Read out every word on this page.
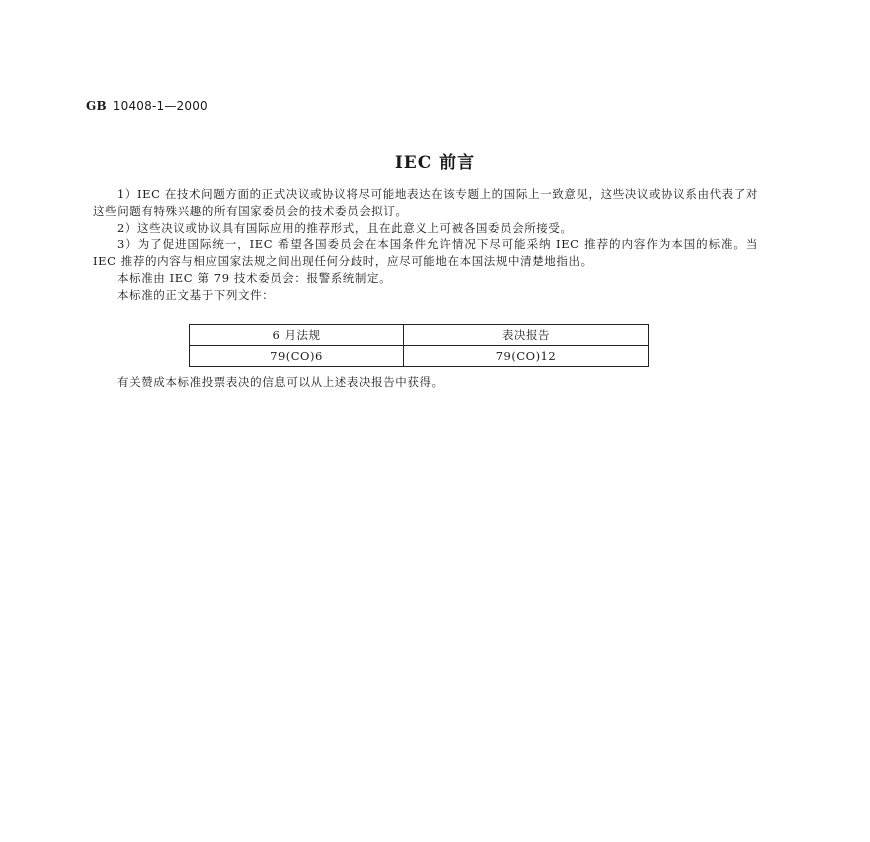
GB 10408-1—2000
IEC 前言

1）IEC 在技术问题方面的正式决议或协议将尽可能地表达在该专题上的国际上一致意见，这些决议或协议系由代表了对这些问题有特殊兴趣的所有国家委员会的技术委员会拟订。

2）这些决议或协议具有国际应用的推荐形式，且在此意义上可被各国委员会所接受。

3）为了促进国际统一，IEC 希望各国委员会在本国条件允许情况下尽可能采纳 IEC 推荐的内容作为本国的标准。当 IEC 推荐的内容与相应国家法规之间出现任何分歧时，应尽可能地在本国法规中清楚地指出。

本标准由 IEC 第 79 技术委员会：报警系统制定。

本标准的正文基于下列文件：

6 月法规	表决报告
79(CO)6	79(CO)12
有关赞成本标准投票表决的信息可以从上述表决报告中获得。
